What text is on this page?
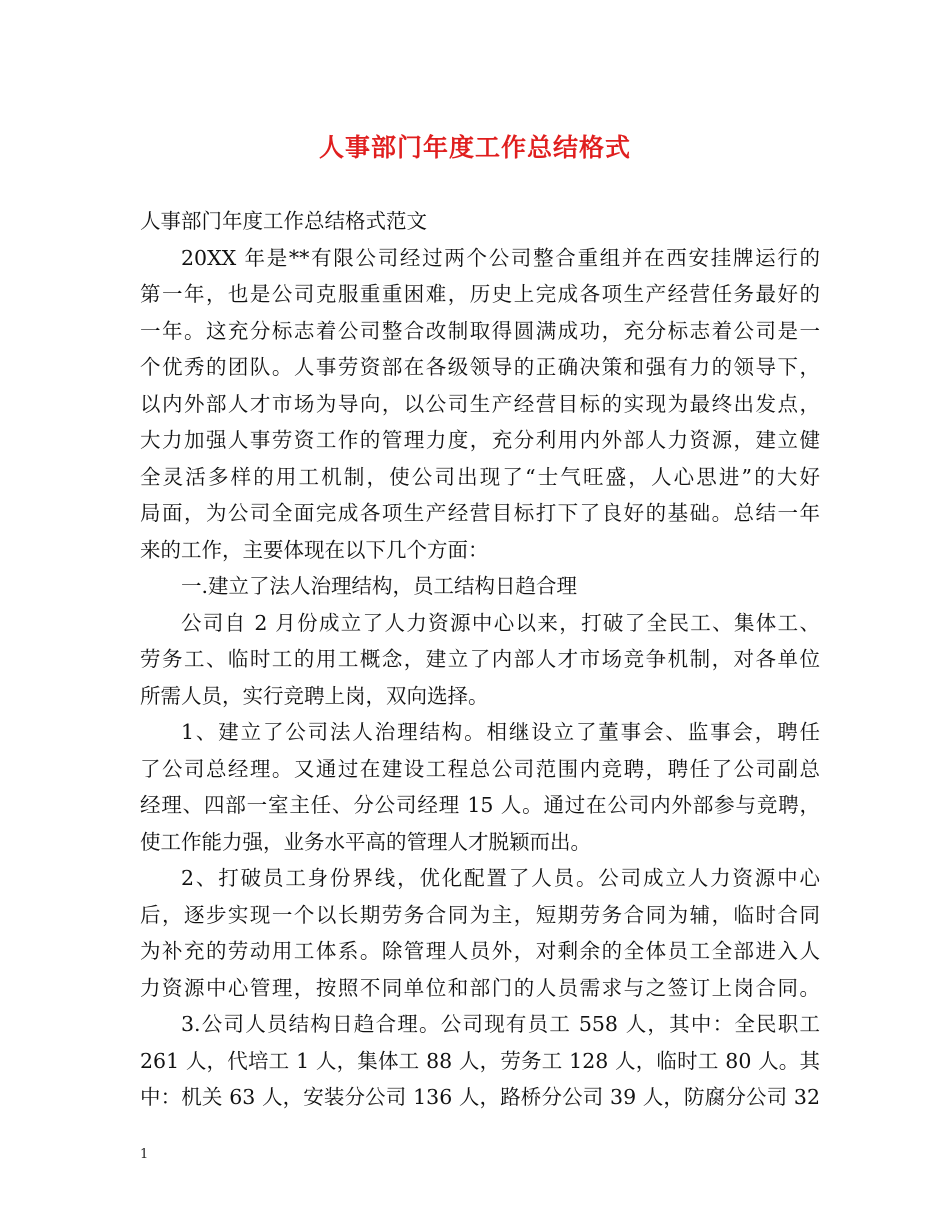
人事部门年度工作总结格式
人事部门年度工作总结格式范文
20XX 年是**有限公司经过两个公司整合重组并在西安挂牌运行的
第一年，也是公司克服重重困难，历史上完成各项生产经营任务最好的
一年。这充分标志着公司整合改制取得圆满成功，充分标志着公司是一
个优秀的团队。人事劳资部在各级领导的正确决策和强有力的领导下，
以内外部人才市场为导向，以公司生产经营目标的实现为最终出发点，
大力加强人事劳资工作的管理力度，充分利用内外部人力资源，建立健
全灵活多样的用工机制，使公司出现了“士气旺盛，人心思进”的大好
局面，为公司全面完成各项生产经营目标打下了良好的基础。总结一年
来的工作，主要体现在以下几个方面：
一.建立了法人治理结构，员工结构日趋合理
公司自 2 月份成立了人力资源中心以来，打破了全民工、集体工、
劳务工、临时工的用工概念，建立了内部人才市场竞争机制，对各单位
所需人员，实行竞聘上岗，双向选择。
1、建立了公司法人治理结构。相继设立了董事会、监事会，聘任
了公司总经理。又通过在建设工程总公司范围内竞聘，聘任了公司副总
经理、四部一室主任、分公司经理 15 人。通过在公司内外部参与竞聘，
使工作能力强，业务水平高的管理人才脱颖而出。
2、打破员工身份界线，优化配置了人员。公司成立人力资源中心
后，逐步实现一个以长期劳务合同为主，短期劳务合同为辅，临时合同
为补充的劳动用工体系。除管理人员外，对剩余的全体员工全部进入人
力资源中心管理，按照不同单位和部门的人员需求与之签订上岗合同。
3.公司人员结构日趋合理。公司现有员工 558 人，其中：全民职工
261 人，代培工 1 人，集体工 88 人，劳务工 128 人，临时工 80 人。其
中：机关 63 人，安装分公司 136 人，路桥分公司 39 人，防腐分公司 32
1
